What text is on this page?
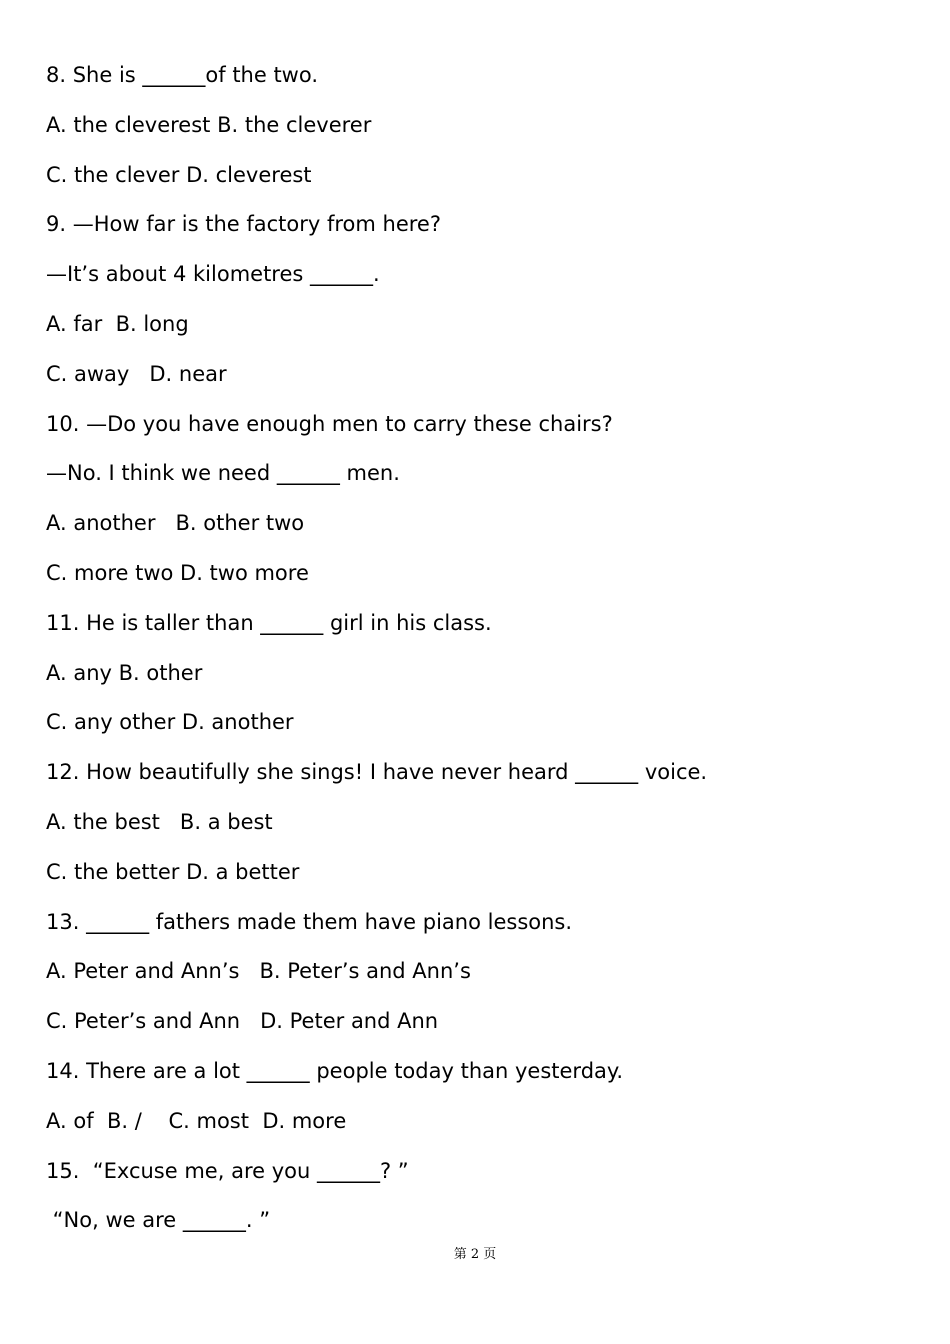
8. She is ______of the two.
A. the cleverest B. the cleverer
C. the clever D. cleverest
9. —How far is the factory from here?
—It’s about 4 kilometres ______.
A. far  B. long
C. away   D. near
10. —Do you have enough men to carry these chairs?
—No. I think we need ______ men.
A. another   B. other two
C. more two D. two more
11. He is taller than ______ girl in his class.
A. any B. other
C. any other D. another
12. How beautifully she sings! I have never heard ______ voice.
A. the best   B. a best
C. the better D. a better
13. ______ fathers made them have piano lessons.
A. Peter and Ann’s   B. Peter’s and Ann’s
C. Peter’s and Ann   D. Peter and Ann
14. There are a lot ______ people today than yesterday.
A. of  B. /    C. most  D. more
15.  “Excuse me, are you ______? ”
“No, we are ______. ”
第 2 页
